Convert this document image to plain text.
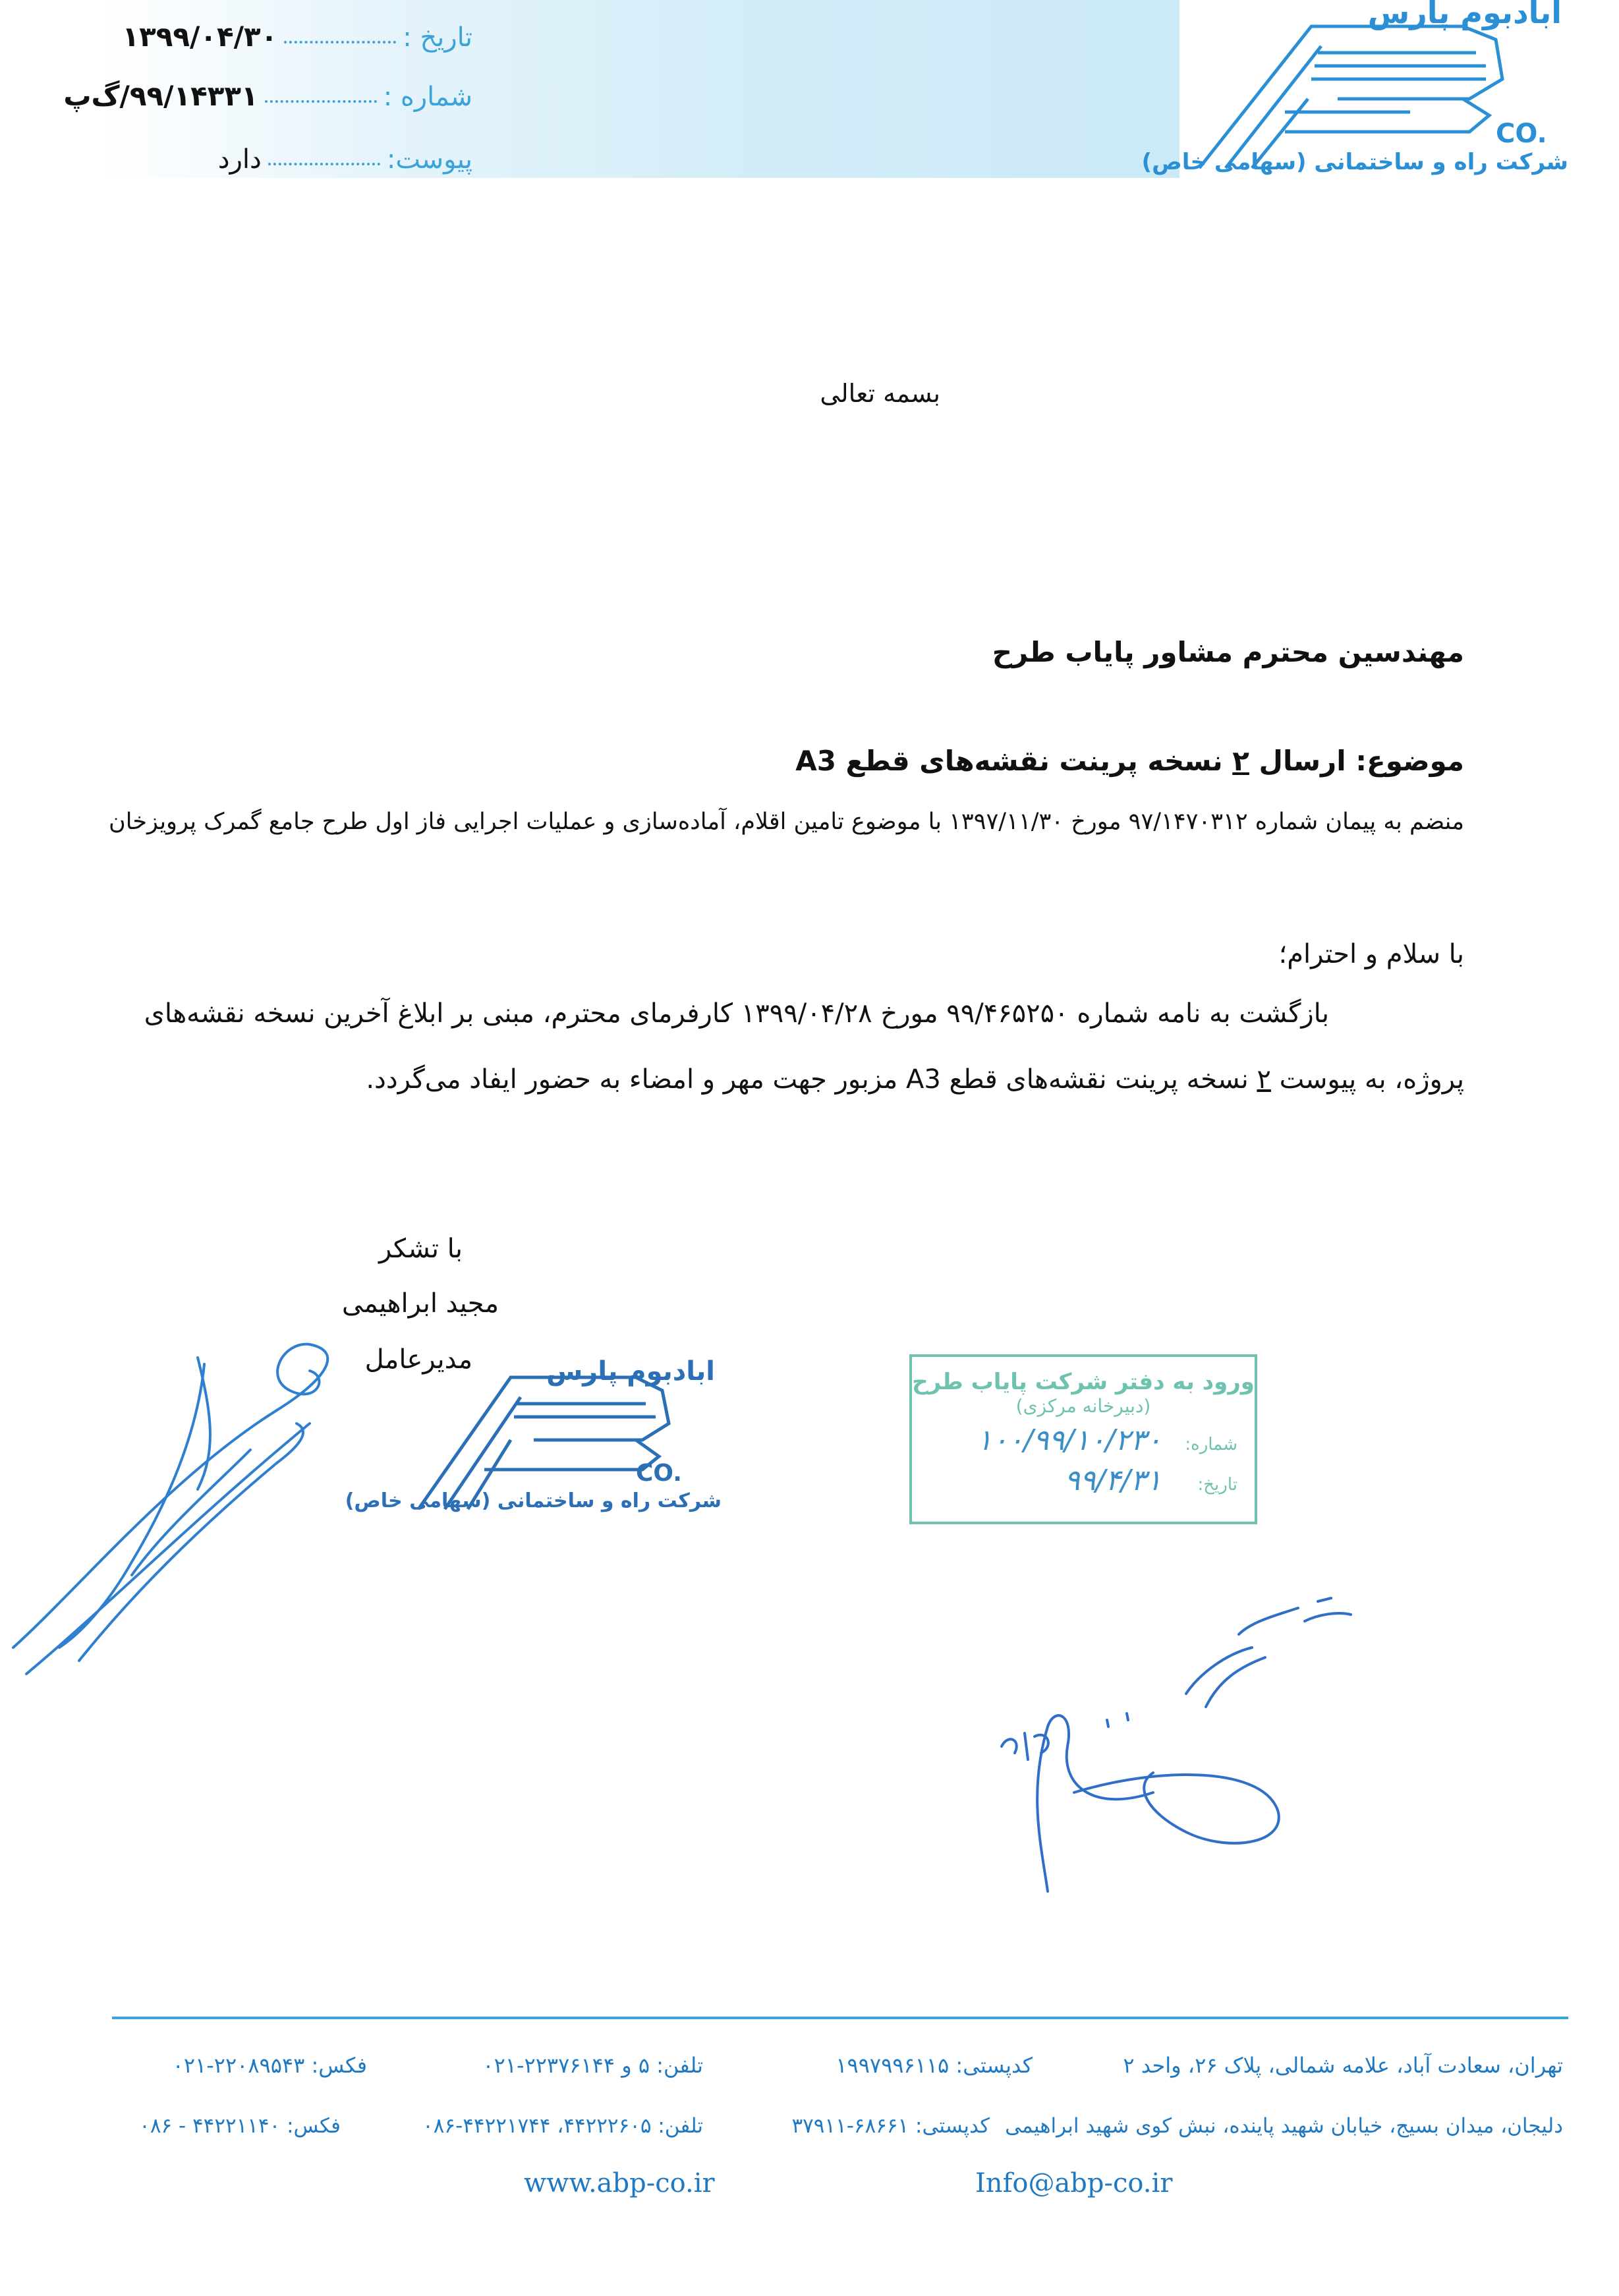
تاریخ :
۱۳۹۹/۰۴/۳۰
شماره :
۹۹/۱۴۳۳۱/گ‌پ
پیوست:
دارد
ابادبوم پارس
CO.
شرکت راه و ساختمانی (سهامی خاص)
بسمه تعالی
مهندسین محترم مشاور پایاب طرح
موضوع: ارسال ۲ نسخه پرینت نقشه‌های قطع A3
منضم به پیمان شماره ۹۷/۱۴۷۰۳۱۲ مورخ ۱۳۹۷/۱۱/۳۰ با موضوع تامین اقلام، آماده‌سازی و عملیات اجرایی فاز اول طرح جامع گمرک پرویزخان
با سلام و احترام؛
بازگشت به نامه شماره ۹۹/۴۶۵۲۵۰ مورخ ۱۳۹۹/۰۴/۲۸ کارفرمای محترم، مبنی بر ابلاغ آخرین نسخه نقشه‌های
پروژه، به پیوست ۲ نسخه پرینت نقشه‌های قطع A3 مزبور جهت مهر و امضاء به حضور ایفاد می‌گردد.
با تشکر
مجید ابراهیمی
مدیرعامل	ابادبوم پارس
CO.
شرکت راه و ساختمانی (سهامی خاص)
ورود به دفتر شرکت پایاب طرح
(دبیرخانه مرکزی)
شماره:
۱۰۰/۹۹/۱۰/۲۳۰
تاریخ:
۹۹/۴/۳۱
تهران، سعادت آباد، علامه شمالی، پلاک ۲۶، واحد ۲
کدپستی: ۱۹۹۷۹۹۶۱۱۵
تلفن: ۵ و ۲۲۳۷۶۱۴۴-۰۲۱
فکس: ۲۲۰۸۹۵۴۳-۰۲۱
دلیجان، میدان بسیج، خیابان شهید پاینده، نبش کوی شهید ابراهیمی
کدپستی: ۶۸۶۶۱-۳۷۹۱۱
تلفن: ۴۴۲۲۲۶۰۵، ۴۴۲۲۱۷۴۴-۰۸۶
فکس: ۴۴۲۲۱۱۴۰ - ۰۸۶
www.abp-co.ir	Info@abp-co.ir
